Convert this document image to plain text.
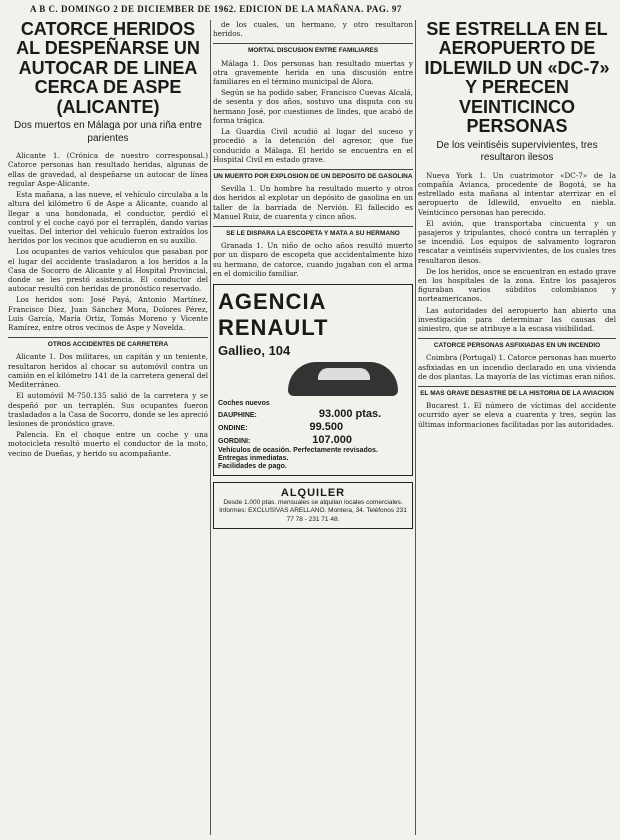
A B C. DOMINGO 2 DE DICIEMBER DE 1962. EDICION DE LA MAÑANA. PAG. 97
CATORCE HERIDOS AL DESPEÑARSE UN AUTOCAR DE LINEA CERCA DE ASPE (ALICANTE)
Dos muertos en Málaga por una riña entre parientes

Alicante 1. (Crónica de nuestro corresponsal.) Catorce personas han resultado heridas, algunas de ellas de gravedad, al despeñarse un autocar de línea regular Aspe-Alicante.

Esta mañana, a las nueve, el vehículo circulaba a la altura del kilómetro 6 de Aspe a Alicante, cuando al llegar a una hondonada, el conductor, perdió el control y el coche cayó por el terraplén, dando varias vueltas. Del interior del vehículo fueron extraídos los heridos por los vecinos que acudieron en su auxilio.

Los ocupantes de varios vehículos que pasaban por el lugar del accidente trasladaron a los heridos a la Casa de Socorro de Alicante y al Hospital Provincial, donde se les prestó asistencia. El conductor del autocar resultó con heridas de pronóstico reservado.

Los heridos son: José Payá, Antonio Martínez, Francisco Díez, Juan Sánchez Mora, Dolores Pérez, Luis García, María Ortiz, Tomás Moreno y Vicente Ramírez, entre otros vecinos de Aspe y Novelda.

OTROS ACCIDENTES DE CARRETERA

Alicante 1. Dos militares, un capitán y un teniente, resultaron heridos al chocar su automóvil contra un camión en el kilómetro 141 de la carretera general del Mediterráneo.

El automóvil M-750.135 salió de la carretera y se despeñó por un terraplén. Sus ocupantes fueron trasladados a la Casa de Socorro, donde se les apreció lesiones de pronóstico grave.

Palencia. En el choque entre un coche y una motocicleta resultó muerto el conductor de la moto, vecino de Dueñas, y herido su acompañante.

de los cuales, un hermano, y otro resultaron heridos.

MORTAL DISCUSION ENTRE FAMILIARES

Málaga 1. Dos personas han resultado muertas y otra gravemente herida en una discusión entre familiares en el término municipal de Alora.

Según se ha podido saber, Francisco Cuevas Alcalá, de sesenta y dos años, sostuvo una disputa con su hermano José, por cuestiones de lindes, que acabó de forma trágica.

La Guardia Civil acudió al lugar del suceso y procedió a la detención del agresor, que fue conducido a Málaga. El herido se encuentra en el Hospital Civil en estado grave.

UN MUERTO POR EXPLOSION DE UN DEPOSITO DE GASOLINA

Sevilla 1. Un hombre ha resultado muerto y otros dos heridos al explotar un depósito de gasolina en un taller de la barriada de Nervión. El fallecido es Manuel Ruiz, de cuarenta y cinco años.

SE LE DISPARA LA ESCOPETA Y MATA A SU HERMANO

Granada 1. Un niño de ocho años resultó muerto por un disparo de escopeta que accidentalmente hizo su hermano, de catorce, cuando jugaban con el arma en el domicilio familiar.

AGENCIA RENAULT
Gallieo, 104
Coches nuevos
DAUPHINE:	93.000 ptas.
ONDINE:	99.500
GORDINI:	107.000
Vehículos de ocasión. Perfectamente revisados.
Entregas inmediatas.
Facilidades de pago.
ALQUILER
Desde 1.000 ptas. mensuales se alquilan locales comerciales. Informes: EXCLUSIVAS ARELLANO. Montera, 34. Teléfonos 231 77 78 - 231 71 48.
SE ESTRELLA EN EL AEROPUERTO DE IDLEWILD UN «DC-7» Y PERECEN VEINTICINCO PERSONAS
De los veintiséis supervivientes, tres resultaron ilesos

Nueva York 1. Un cuatrimotor «DC-7» de la compañía Avianca, procedente de Bogotá, se ha estrellado esta mañana al intentar aterrizar en el aeropuerto de Idlewild, envuelto en niebla. Veinticinco personas han perecido.

El avión, que transportaba cincuenta y un pasajeros y tripulantes, chocó contra un terraplén y se incendió. Los equipos de salvamento lograron rescatar a veintiséis supervivientes, de los cuales tres resultaron ilesos.

De los heridos, once se encuentran en estado grave en los hospitales de la zona. Entre los pasajeros figuraban varios súbditos colombianos y norteamericanos.

Las autoridades del aeropuerto han abierto una investigación para determinar las causas del siniestro, que se atribuye a la escasa visibilidad.

CATORCE PERSONAS ASFIXIADAS EN UN INCENDIO

Coimbra (Portugal) 1. Catorce personas han muerto asfixiadas en un incendio declarado en una vivienda de dos plantas. La mayoría de las víctimas eran niños.

EL MAS GRAVE DESASTRE DE LA HISTORIA DE LA AVIACION

Bucarest 1. El número de víctimas del accidente ocurrido ayer se eleva a cuarenta y tres, según las últimas informaciones facilitadas por las autoridades.
